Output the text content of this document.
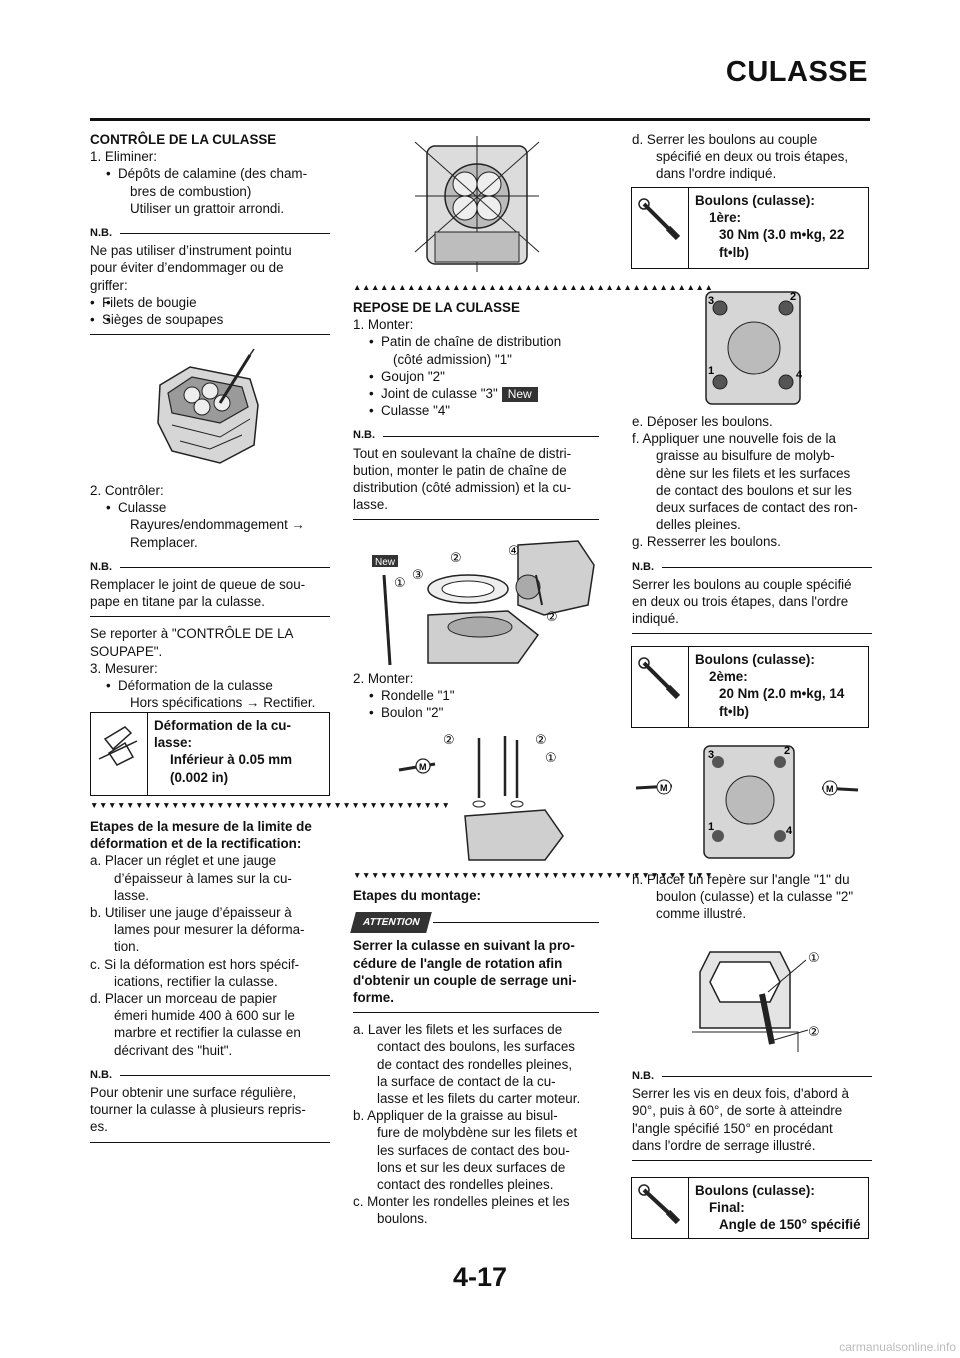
CULASSE

CONTRÔLE DE LA CULASSE

1. Eliminer:

• Dépôts de calamine (des cham-

bres de combustion)

Utiliser un grattoir arrondi.

N.B.

Ne pas utiliser d’instrument pointu

pour éviter d’endommager ou de

griffer:

• • Filets de bougie

• • Sièges de soupapes

2. Contrôler:

• Culasse

Rayures/endommagement →

Remplacer.

N.B.

Remplacer le joint de queue de sou-

pape en titane par la culasse.

Se reporter à "CONTRÔLE DE LA

SOUPAPE".

3. Mesurer:

• Déformation de la culasse

Hors spécifications → Rectifier.

Déformation de la cu-
lasse:
Inférieur à 0.05 mm
(0.002 in)
▼▼▼▼▼▼▼▼▼▼▼▼▼▼▼▼▼▼▼▼▼▼▼▼▼▼▼▼▼▼▼▼▼▼▼▼▼▼▼▼

Etapes de la mesure de la limite de

déformation et de la rectification:

a. Placer un réglet et une jauge

d’épaisseur à lames sur la cu-

lasse.

b. Utiliser une jauge d’épaisseur à

lames pour mesurer la déforma-

tion.

c. Si la déformation est hors spécif-

ications, rectifier la culasse.

d. Placer un morceau de papier

émeri humide 400 à 600 sur le

marbre et rectifier la culasse en

décrivant des "huit".

N.B.

Pour obtenir une surface régulière,

tourner la culasse à plusieurs repris-

es.

▲▲▲▲▲▲▲▲▲▲▲▲▲▲▲▲▲▲▲▲▲▲▲▲▲▲▲▲▲▲▲▲▲▲▲▲▲▲▲▲

REPOSE DE LA CULASSE

1. Monter:

• Patin de chaîne de distribution

(côté admission) "1"

• Goujon "2"

• Joint de culasse "3" New

• Culasse "4"

N.B.

Tout en soulevant la chaîne de distri-

bution, monter le patin de chaîne de

distribution (côté admission) et la cu-

lasse.

New
①
②
③
④
②

2. Monter:

• Rondelle "1"

• Boulon "2"

M
②	②
①
▼▼▼▼▼▼▼▼▼▼▼▼▼▼▼▼▼▼▼▼▼▼▼▼▼▼▼▼▼▼▼▼▼▼▼▼▼▼▼▼

Etapes du montage:

ATTENTION

Serrer la culasse en suivant la pro-

cédure de l'angle de rotation afin

d'obtenir un couple de serrage uni-

forme.

a. Laver les filets et les surfaces de

contact des boulons, les surfaces

de contact des rondelles pleines,

la surface de contact de la cu-

lasse et les filets du carter moteur.

b. Appliquer de la graisse au bisul-

fure de molybdène sur les filets et

les surfaces de contact des bou-

lons et sur les deux surfaces de

contact des rondelles pleines.

c. Monter les rondelles pleines et les

boulons.

d. Serrer les boulons au couple

spécifié en deux ou trois étapes,

dans l'ordre indiqué.

Boulons (culasse):
1ère:
30 Nm (3.0 m•kg, 22
ft•lb)
3	2
1	4

e. Déposer les boulons.

f. Appliquer une nouvelle fois de la

graisse au bisulfure de molyb-

dène sur les filets et les surfaces

de contact des boulons et sur les

deux surfaces de contact des ron-

delles pleines.

g. Resserrer les boulons.

N.B.

Serrer les boulons au couple spécifié

en deux ou trois étapes, dans l'ordre

indiqué.

Boulons (culasse):
2ème:
20 Nm (2.0 m•kg, 14
ft•lb)
M	M
3	2
1	4

h. Placer un repère sur l'angle "1" du

boulon (culasse) et la culasse "2"

comme illustré.

①
②
N.B.

Serrer les vis en deux fois, d'abord à

90°, puis à 60°, de sorte à atteindre

l'angle spécifié 150° en procédant

dans l'ordre de serrage illustré.

Boulons (culasse):
Final:
Angle de 150° spécifié
4-17
carmanualsonline.info
